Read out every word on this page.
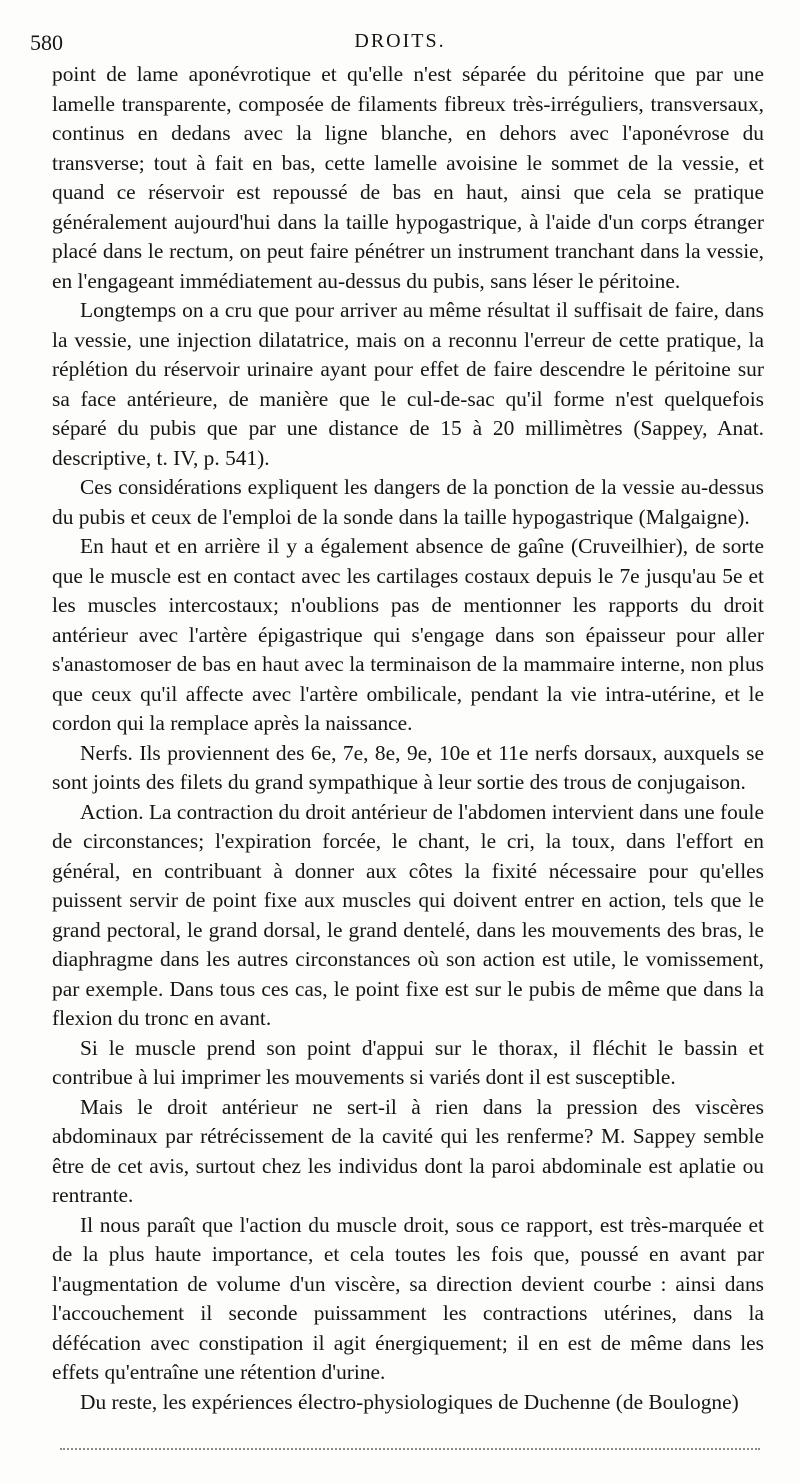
580	DROITS.

point de lame aponévrotique et qu'elle n'est séparée du péritoine que par une lamelle transparente, composée de filaments fibreux très-irréguliers, transversaux, continus en dedans avec la ligne blanche, en dehors avec l'aponévrose du transverse; tout à fait en bas, cette lamelle avoisine le sommet de la vessie, et quand ce réservoir est repoussé de bas en haut, ainsi que cela se pratique généralement aujourd'hui dans la taille hypogastrique, à l'aide d'un corps étranger placé dans le rectum, on peut faire pénétrer un instrument tranchant dans la vessie, en l'engageant immédiatement au-dessus du pubis, sans léser le péritoine.

Longtemps on a cru que pour arriver au même résultat il suffisait de faire, dans la vessie, une injection dilatatrice, mais on a reconnu l'erreur de cette pratique, la réplétion du réservoir urinaire ayant pour effet de faire descendre le péritoine sur sa face antérieure, de manière que le cul-de-sac qu'il forme n'est quelquefois séparé du pubis que par une distance de 15 à 20 millimètres (Sappey, Anat. descriptive, t. IV, p. 541).

Ces considérations expliquent les dangers de la ponction de la vessie au-dessus du pubis et ceux de l'emploi de la sonde dans la taille hypogastrique (Malgaigne).

En haut et en arrière il y a également absence de gaîne (Cruveilhier), de sorte que le muscle est en contact avec les cartilages costaux depuis le 7e jusqu'au 5e et les muscles intercostaux; n'oublions pas de mentionner les rapports du droit antérieur avec l'artère épigastrique qui s'engage dans son épaisseur pour aller s'anastomoser de bas en haut avec la terminaison de la mammaire interne, non plus que ceux qu'il affecte avec l'artère ombilicale, pendant la vie intra-utérine, et le cordon qui la remplace après la naissance.

Nerfs. Ils proviennent des 6e, 7e, 8e, 9e, 10e et 11e nerfs dorsaux, auxquels se sont joints des filets du grand sympathique à leur sortie des trous de conjugaison.

Action. La contraction du droit antérieur de l'abdomen intervient dans une foule de circonstances; l'expiration forcée, le chant, le cri, la toux, dans l'effort en général, en contribuant à donner aux côtes la fixité nécessaire pour qu'elles puissent servir de point fixe aux muscles qui doivent entrer en action, tels que le grand pectoral, le grand dorsal, le grand dentelé, dans les mouvements des bras, le diaphragme dans les autres circonstances où son action est utile, le vomissement, par exemple. Dans tous ces cas, le point fixe est sur le pubis de même que dans la flexion du tronc en avant.

Si le muscle prend son point d'appui sur le thorax, il fléchit le bassin et contribue à lui imprimer les mouvements si variés dont il est susceptible.

Mais le droit antérieur ne sert-il à rien dans la pression des viscères abdominaux par rétrécissement de la cavité qui les renferme? M. Sappey semble être de cet avis, surtout chez les individus dont la paroi abdominale est aplatie ou rentrante.

Il nous paraît que l'action du muscle droit, sous ce rapport, est très-marquée et de la plus haute importance, et cela toutes les fois que, poussé en avant par l'augmentation de volume d'un viscère, sa direction devient courbe : ainsi dans l'accouchement il seconde puissamment les contractions utérines, dans la défécation avec constipation il agit énergiquement; il en est de même dans les effets qu'entraîne une rétention d'urine.

Du reste, les expériences électro-physiologiques de Duchenne (de Boulogne)
